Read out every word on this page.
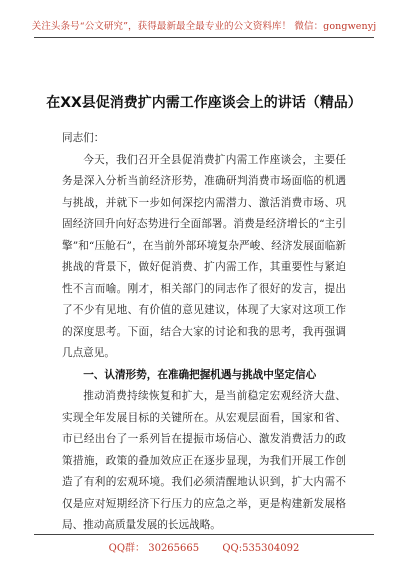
关注头条号“公文研究”，获得最新最全最专业的公文资料库！ 微信：gongwenyj
在XX县促消费扩内需工作座谈会上的讲话（精品）

同志们：

今天，我们召开全县促消费扩内需工作座谈会，主要任务是深入分析当前经济形势，准确研判消费市场面临的机遇与挑战，并就下一步如何深挖内需潜力、激活消费市场、巩固经济回升向好态势进行全面部署。消费是经济增长的“主引擎”和“压舱石”，在当前外部环境复杂严峻、经济发展面临新挑战的背景下，做好促消费、扩内需工作，其重要性与紧迫性不言而喻。刚才，相关部门的同志作了很好的发言，提出了不少有见地、有价值的意见建议，体现了大家对这项工作的深度思考。下面，结合大家的讨论和我的思考，我再强调几点意见。

一、认清形势，在准确把握机遇与挑战中坚定信心

推动消费持续恢复和扩大，是当前稳定宏观经济大盘、实现全年发展目标的关键所在。从宏观层面看，国家和省、市已经出台了一系列旨在提振市场信心、激发消费活力的政策措施，政策的叠加效应正在逐步显现，为我们开展工作创造了有利的宏观环境。我们必须清醒地认识到，扩大内需不仅是应对短期经济下行压力的应急之举，更是构建新发展格局、推动高质量发展的长远战略。

QQ群： 30265665 QQ:535304092
